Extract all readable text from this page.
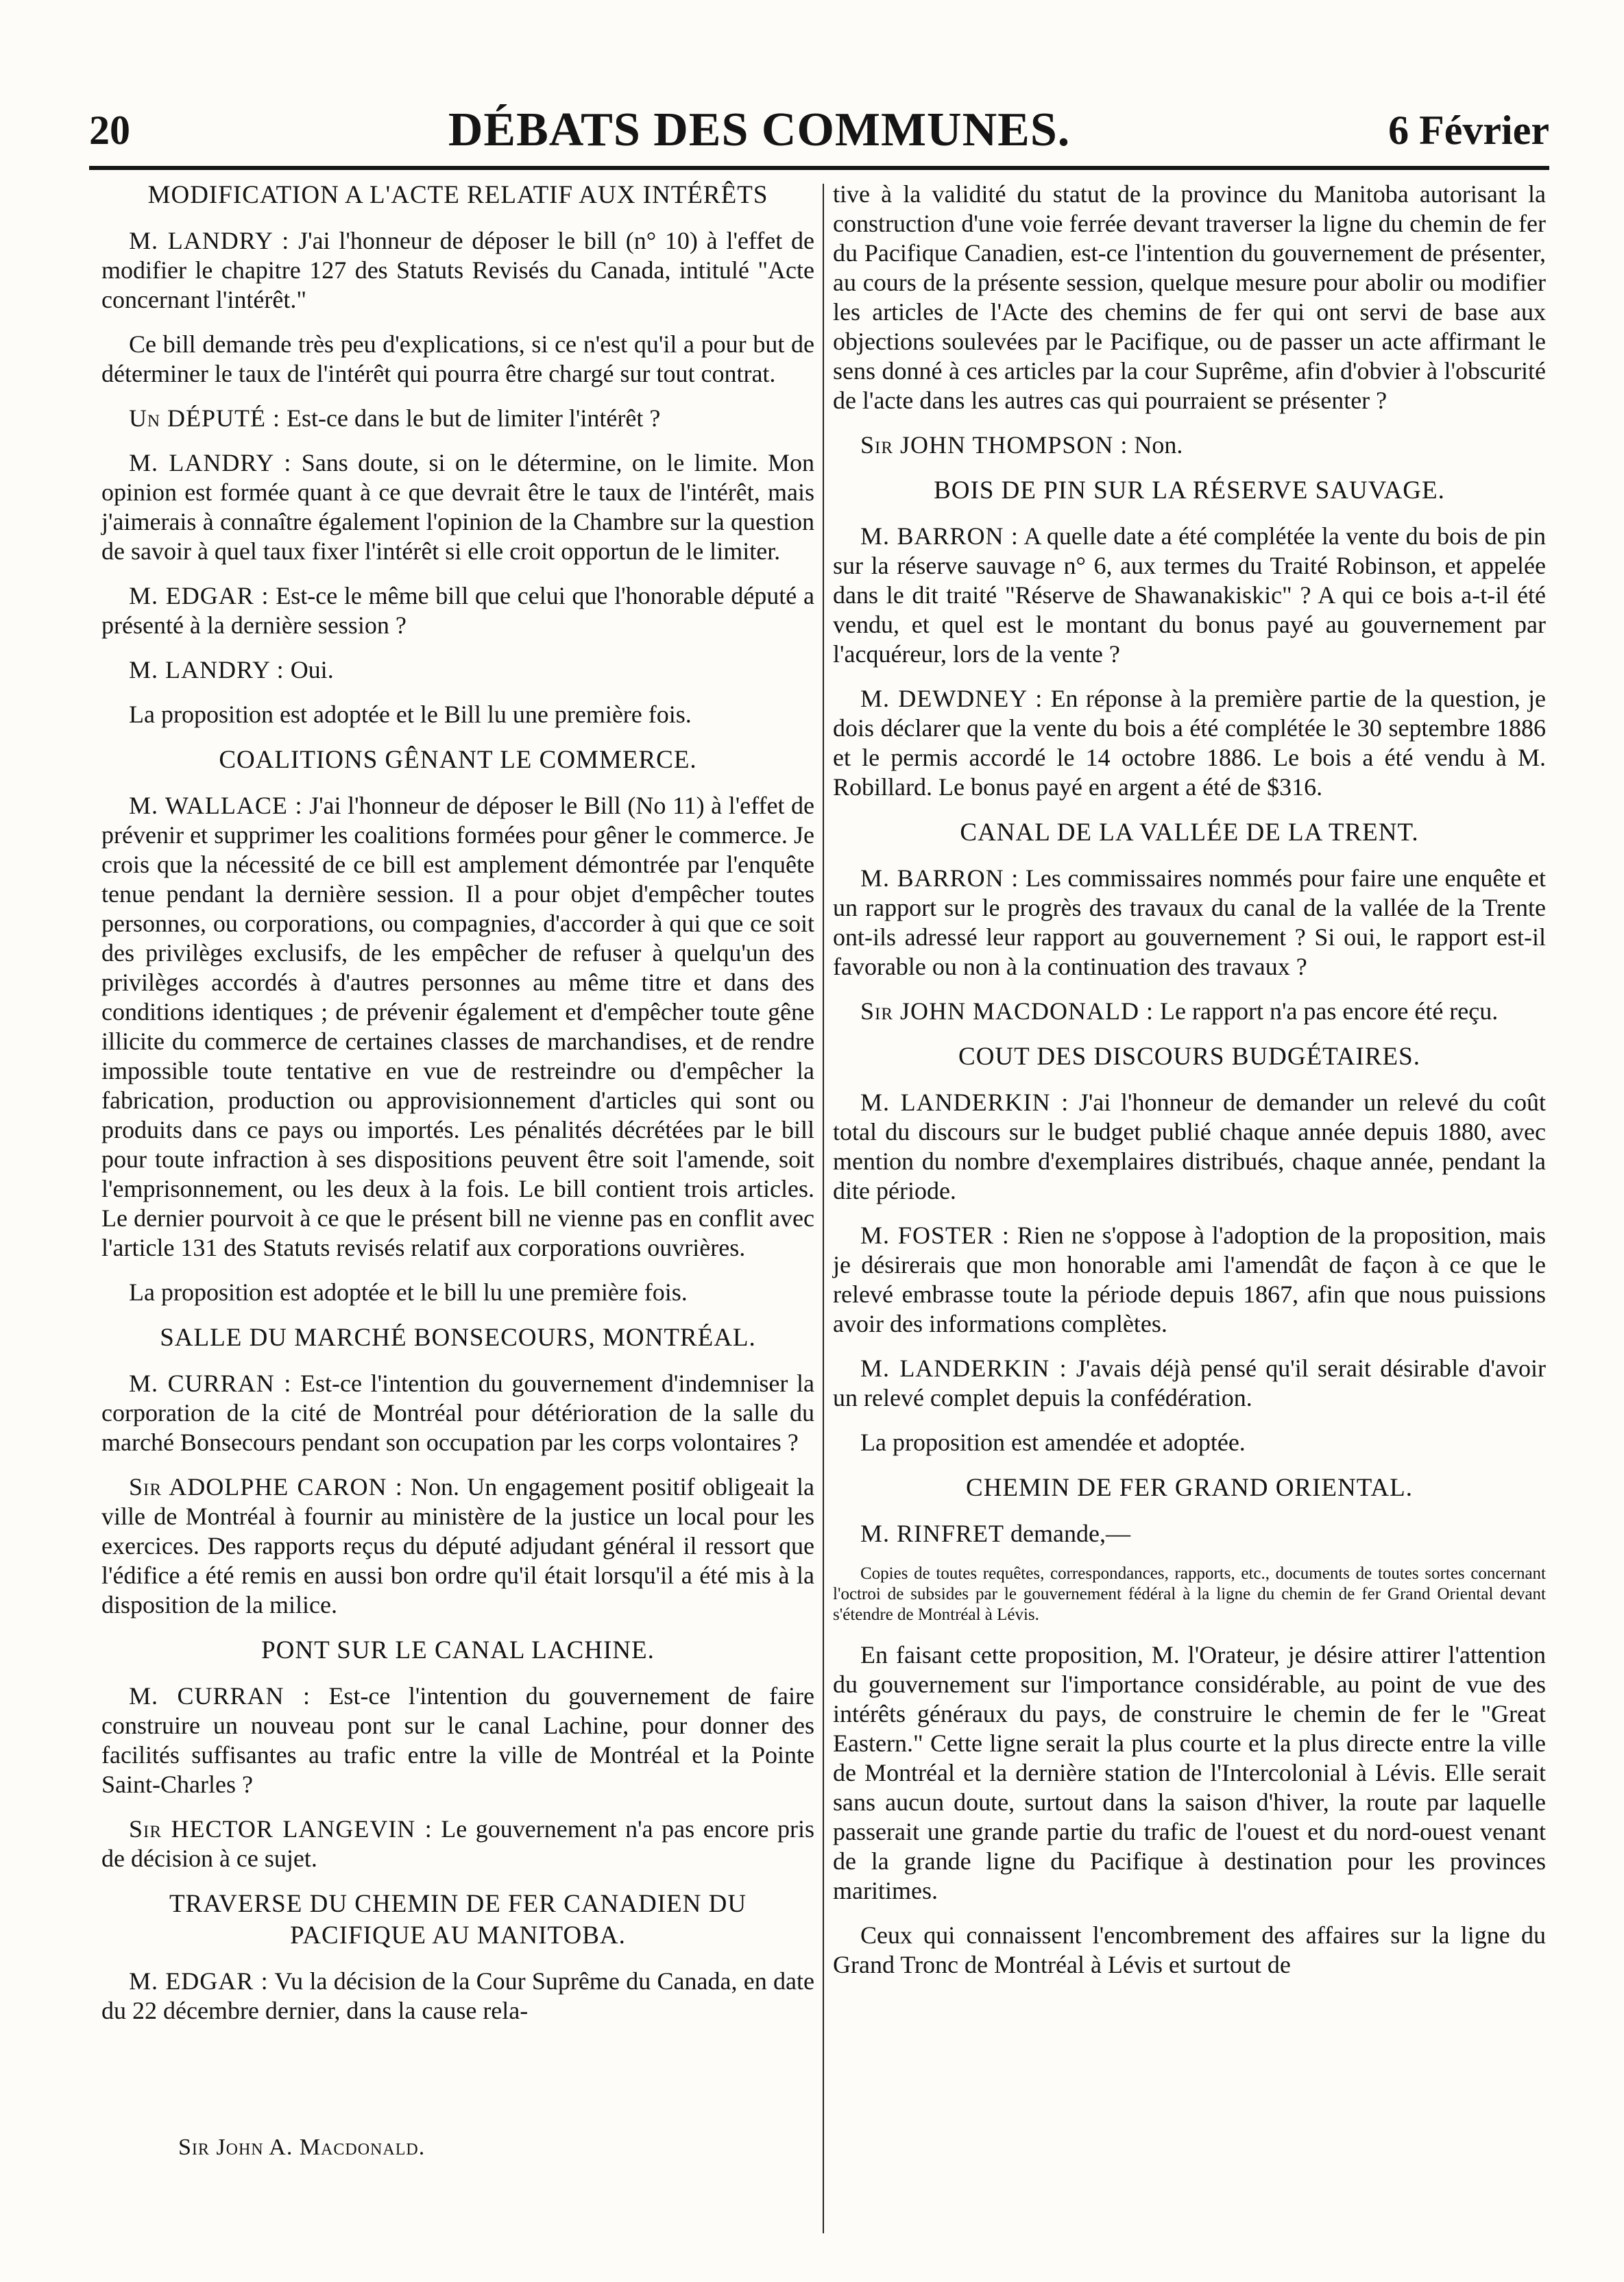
20	DÉBATS DES COMMUNES.	6 Février
MODIFICATION A L'ACTE RELATIF AUX INTÉRÊTS

M. LANDRY : J'ai l'honneur de déposer le bill (n° 10) à l'effet de modifier le chapitre 127 des Statuts Revisés du Canada, intitulé "Acte concernant l'intérêt."

Ce bill demande très peu d'explications, si ce n'est qu'il a pour but de déterminer le taux de l'intérêt qui pourra être chargé sur tout contrat.

Un DÉPUTÉ : Est-ce dans le but de limiter l'intérêt ?

M. LANDRY : Sans doute, si on le détermine, on le limite. Mon opinion est formée quant à ce que devrait être le taux de l'intérêt, mais j'aimerais à connaître également l'opinion de la Chambre sur la question de savoir à quel taux fixer l'intérêt si elle croit opportun de le limiter.

M. EDGAR : Est-ce le même bill que celui que l'honorable député a présenté à la dernière session ?

M. LANDRY : Oui.

La proposition est adoptée et le Bill lu une première fois.

COALITIONS GÊNANT LE COMMERCE.

M. WALLACE : J'ai l'honneur de déposer le Bill (No 11) à l'effet de prévenir et supprimer les coalitions formées pour gêner le commerce. Je crois que la nécessité de ce bill est amplement démontrée par l'enquête tenue pendant la dernière session. Il a pour objet d'empêcher toutes personnes, ou corporations, ou compagnies, d'accorder à qui que ce soit des privilèges exclusifs, de les empêcher de refuser à quelqu'un des privilèges accordés à d'autres personnes au même titre et dans des conditions identiques ; de prévenir également et d'empêcher toute gêne illicite du commerce de certaines classes de marchandises, et de rendre impossible toute tentative en vue de restreindre ou d'empêcher la fabrication, production ou approvisionnement d'articles qui sont ou produits dans ce pays ou importés. Les pénalités décrétées par le bill pour toute infraction à ses dispositions peuvent être soit l'amende, soit l'emprisonnement, ou les deux à la fois. Le bill contient trois articles. Le dernier pourvoit à ce que le présent bill ne vienne pas en conflit avec l'article 131 des Statuts revisés relatif aux corporations ouvrières.

La proposition est adoptée et le bill lu une première fois.

SALLE DU MARCHÉ BONSECOURS, MONTRÉAL.

M. CURRAN : Est-ce l'intention du gouvernement d'indemniser la corporation de la cité de Montréal pour détérioration de la salle du marché Bonsecours pendant son occupation par les corps volontaires ?

Sir ADOLPHE CARON : Non. Un engagement positif obligeait la ville de Montréal à fournir au ministère de la justice un local pour les exercices. Des rapports reçus du député adjudant général il ressort que l'édifice a été remis en aussi bon ordre qu'il était lorsqu'il a été mis à la disposition de la milice.

PONT SUR LE CANAL LACHINE.

M. CURRAN : Est-ce l'intention du gouvernement de faire construire un nouveau pont sur le canal Lachine, pour donner des facilités suffisantes au trafic entre la ville de Montréal et la Pointe Saint-Charles ?

Sir HECTOR LANGEVIN : Le gouvernement n'a pas encore pris de décision à ce sujet.

TRAVERSE DU CHEMIN DE FER CANADIEN DU PACIFIQUE AU MANITOBA.

M. EDGAR : Vu la décision de la Cour Suprême du Canada, en date du 22 décembre dernier, dans la cause rela-

tive à la validité du statut de la province du Manitoba autorisant la construction d'une voie ferrée devant traverser la ligne du chemin de fer du Pacifique Canadien, est-ce l'intention du gouvernement de présenter, au cours de la présente session, quelque mesure pour abolir ou modifier les articles de l'Acte des chemins de fer qui ont servi de base aux objections soulevées par le Pacifique, ou de passer un acte affirmant le sens donné à ces articles par la cour Suprême, afin d'obvier à l'obscurité de l'acte dans les autres cas qui pourraient se présenter ?

Sir JOHN THOMPSON : Non.

BOIS DE PIN SUR LA RÉSERVE SAUVAGE.

M. BARRON : A quelle date a été complétée la vente du bois de pin sur la réserve sauvage n° 6, aux termes du Traité Robinson, et appelée dans le dit traité "Réserve de Shawanakiskic" ? A qui ce bois a-t-il été vendu, et quel est le montant du bonus payé au gouvernement par l'acquéreur, lors de la vente ?

M. DEWDNEY : En réponse à la première partie de la question, je dois déclarer que la vente du bois a été complétée le 30 septembre 1886 et le permis accordé le 14 octobre 1886. Le bois a été vendu à M. Robillard. Le bonus payé en argent a été de $316.

CANAL DE LA VALLÉE DE LA TRENT.

M. BARRON : Les commissaires nommés pour faire une enquête et un rapport sur le progrès des travaux du canal de la vallée de la Trente ont-ils adressé leur rapport au gouvernement ? Si oui, le rapport est-il favorable ou non à la continuation des travaux ?

Sir JOHN MACDONALD : Le rapport n'a pas encore été reçu.

COUT DES DISCOURS BUDGÉTAIRES.

M. LANDERKIN : J'ai l'honneur de demander un relevé du coût total du discours sur le budget publié chaque année depuis 1880, avec mention du nombre d'exemplaires distribués, chaque année, pendant la dite période.

M. FOSTER : Rien ne s'oppose à l'adoption de la proposition, mais je désirerais que mon honorable ami l'amendât de façon à ce que le relevé embrasse toute la période depuis 1867, afin que nous puissions avoir des informations complètes.

M. LANDERKIN : J'avais déjà pensé qu'il serait désirable d'avoir un relevé complet depuis la confédération.

La proposition est amendée et adoptée.

CHEMIN DE FER GRAND ORIENTAL.

M. RINFRET demande,—

Copies de toutes requêtes, correspondances, rapports, etc., documents de toutes sortes concernant l'octroi de subsides par le gouvernement fédéral à la ligne du chemin de fer Grand Oriental devant s'étendre de Montréal à Lévis.

En faisant cette proposition, M. l'Orateur, je désire attirer l'attention du gouvernement sur l'importance considérable, au point de vue des intérêts généraux du pays, de construire le chemin de fer le "Great Eastern." Cette ligne serait la plus courte et la plus directe entre la ville de Montréal et la dernière station de l'Intercolonial à Lévis. Elle serait sans aucun doute, surtout dans la saison d'hiver, la route par laquelle passerait une grande partie du trafic de l'ouest et du nord-ouest venant de la grande ligne du Pacifique à destination pour les provinces maritimes.

Ceux qui connaissent l'encombrement des affaires sur la ligne du Grand Tronc de Montréal à Lévis et surtout de

Sir John A. Macdonald.
